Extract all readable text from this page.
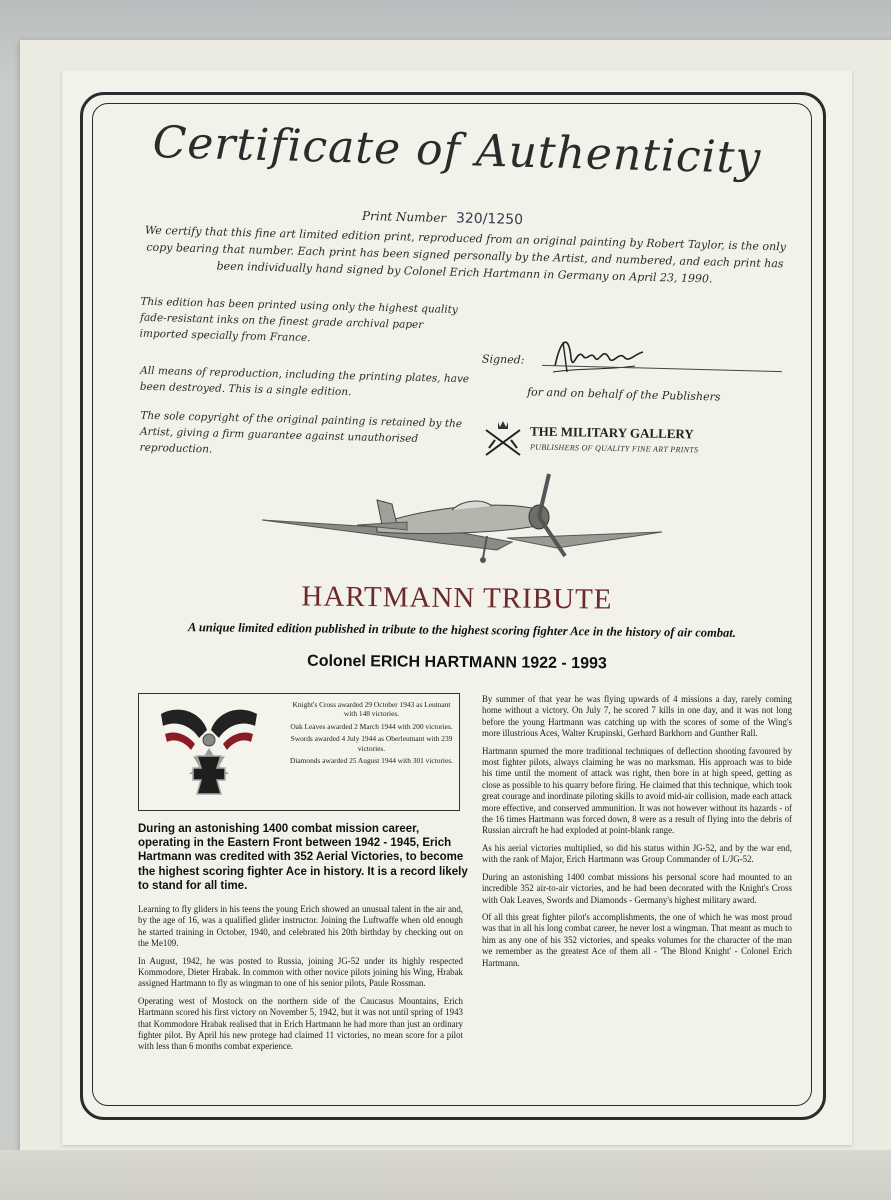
Certificate of Authenticity
Print Number 320/1250
We certify that this fine art limited edition print, reproduced from an original painting by Robert Taylor, is the only copy bearing that number. Each print has been signed personally by the Artist, and numbered, and each print has been individually hand signed by Colonel Erich Hartmann in Germany on April 23, 1990.
This edition has been printed using only the highest quality fade-resistant inks on the finest grade archival paper imported specially from France.
All means of reproduction, including the printing plates, have been destroyed. This is a single edition.
The sole copyright of the original painting is retained by the Artist, giving a firm guarantee against unauthorised reproduction.
Signed:
for and on behalf of the Publishers
THE MILITARY GALLERY
PUBLISHERS OF QUALITY FINE ART PRINTS
HARTMANN TRIBUTE
A unique limited edition published in tribute to the highest scoring fighter Ace in the history of air combat.
Colonel ERICH HARTMANN 1922 - 1993
Knight's Cross awarded 29 October 1943 as Leutnant with 148 victories.
Oak Leaves awarded 2 March 1944 with 200 victories.
Swords awarded 4 July 1944 as Oberleutnant with 239 victories.
Diamonds awarded 25 August 1944 with 301 victories.
During an astonishing 1400 combat mission career, operating in the Eastern Front between 1942 - 1945, Erich Hartmann was credited with 352 Aerial Victories, to become the highest scoring fighter Ace in history. It is a record likely to stand for all time.

Learning to fly gliders in his teens the young Erich showed an unusual talent in the air and, by the age of 16, was a qualified glider instructor. Joining the Luftwaffe when old enough he started training in October, 1940, and celebrated his 20th birthday by checking out on the Me109.

In August, 1942, he was posted to Russia, joining JG-52 under its highly respected Kommodore, Dieter Hrabak. In common with other novice pilots joining his Wing, Hrabak assigned Hartmann to fly as wingman to one of his senior pilots, Paule Rossman.

Operating west of Mostock on the northern side of the Caucasus Mountains, Erich Hartmann scored his first victory on November 5, 1942, but it was not until spring of 1943 that Kommodore Hrabak realised that in Erich Hartmann he had more than just an ordinary fighter pilot. By April his new protege had claimed 11 victories, no mean score for a pilot with less than 6 months combat experience.

By summer of that year he was flying upwards of 4 missions a day, rarely coming home without a victory. On July 7, he scored 7 kills in one day, and it was not long before the young Hartmann was catching up with the scores of some of the Wing's more illustrious Aces, Walter Krupinski, Gerhard Barkhorn and Gunther Rall.

Hartmann spurned the more traditional techniques of deflection shooting favoured by most fighter pilots, always claiming he was no marksman. His approach was to bide his time until the moment of attack was right, then bore in at high speed, getting as close as possible to his quarry before firing. He claimed that this technique, which took great courage and inordinate piloting skills to avoid mid-air collision, made each attack more effective, and conserved ammunition. It was not however without its hazards - of the 16 times Hartmann was forced down, 8 were as a result of flying into the debris of Russian aircraft he had exploded at point-blank range.

As his aerial victories multiplied, so did his status within JG-52, and by the war end, with the rank of Major, Erich Hartmann was Group Commander of I./JG-52.

During an astonishing 1400 combat missions his personal score had mounted to an incredible 352 air-to-air victories, and he had been decorated with the Knight's Cross with Oak Leaves, Swords and Diamonds - Germany's highest military award.

Of all this great fighter pilot's accomplishments, the one of which he was most proud was that in all his long combat career, he never lost a wingman. That meant as much to him as any one of his 352 victories, and speaks volumes for the character of the man we remember as the greatest Ace of them all - 'The Blond Knight' - Colonel Erich Hartmann.
